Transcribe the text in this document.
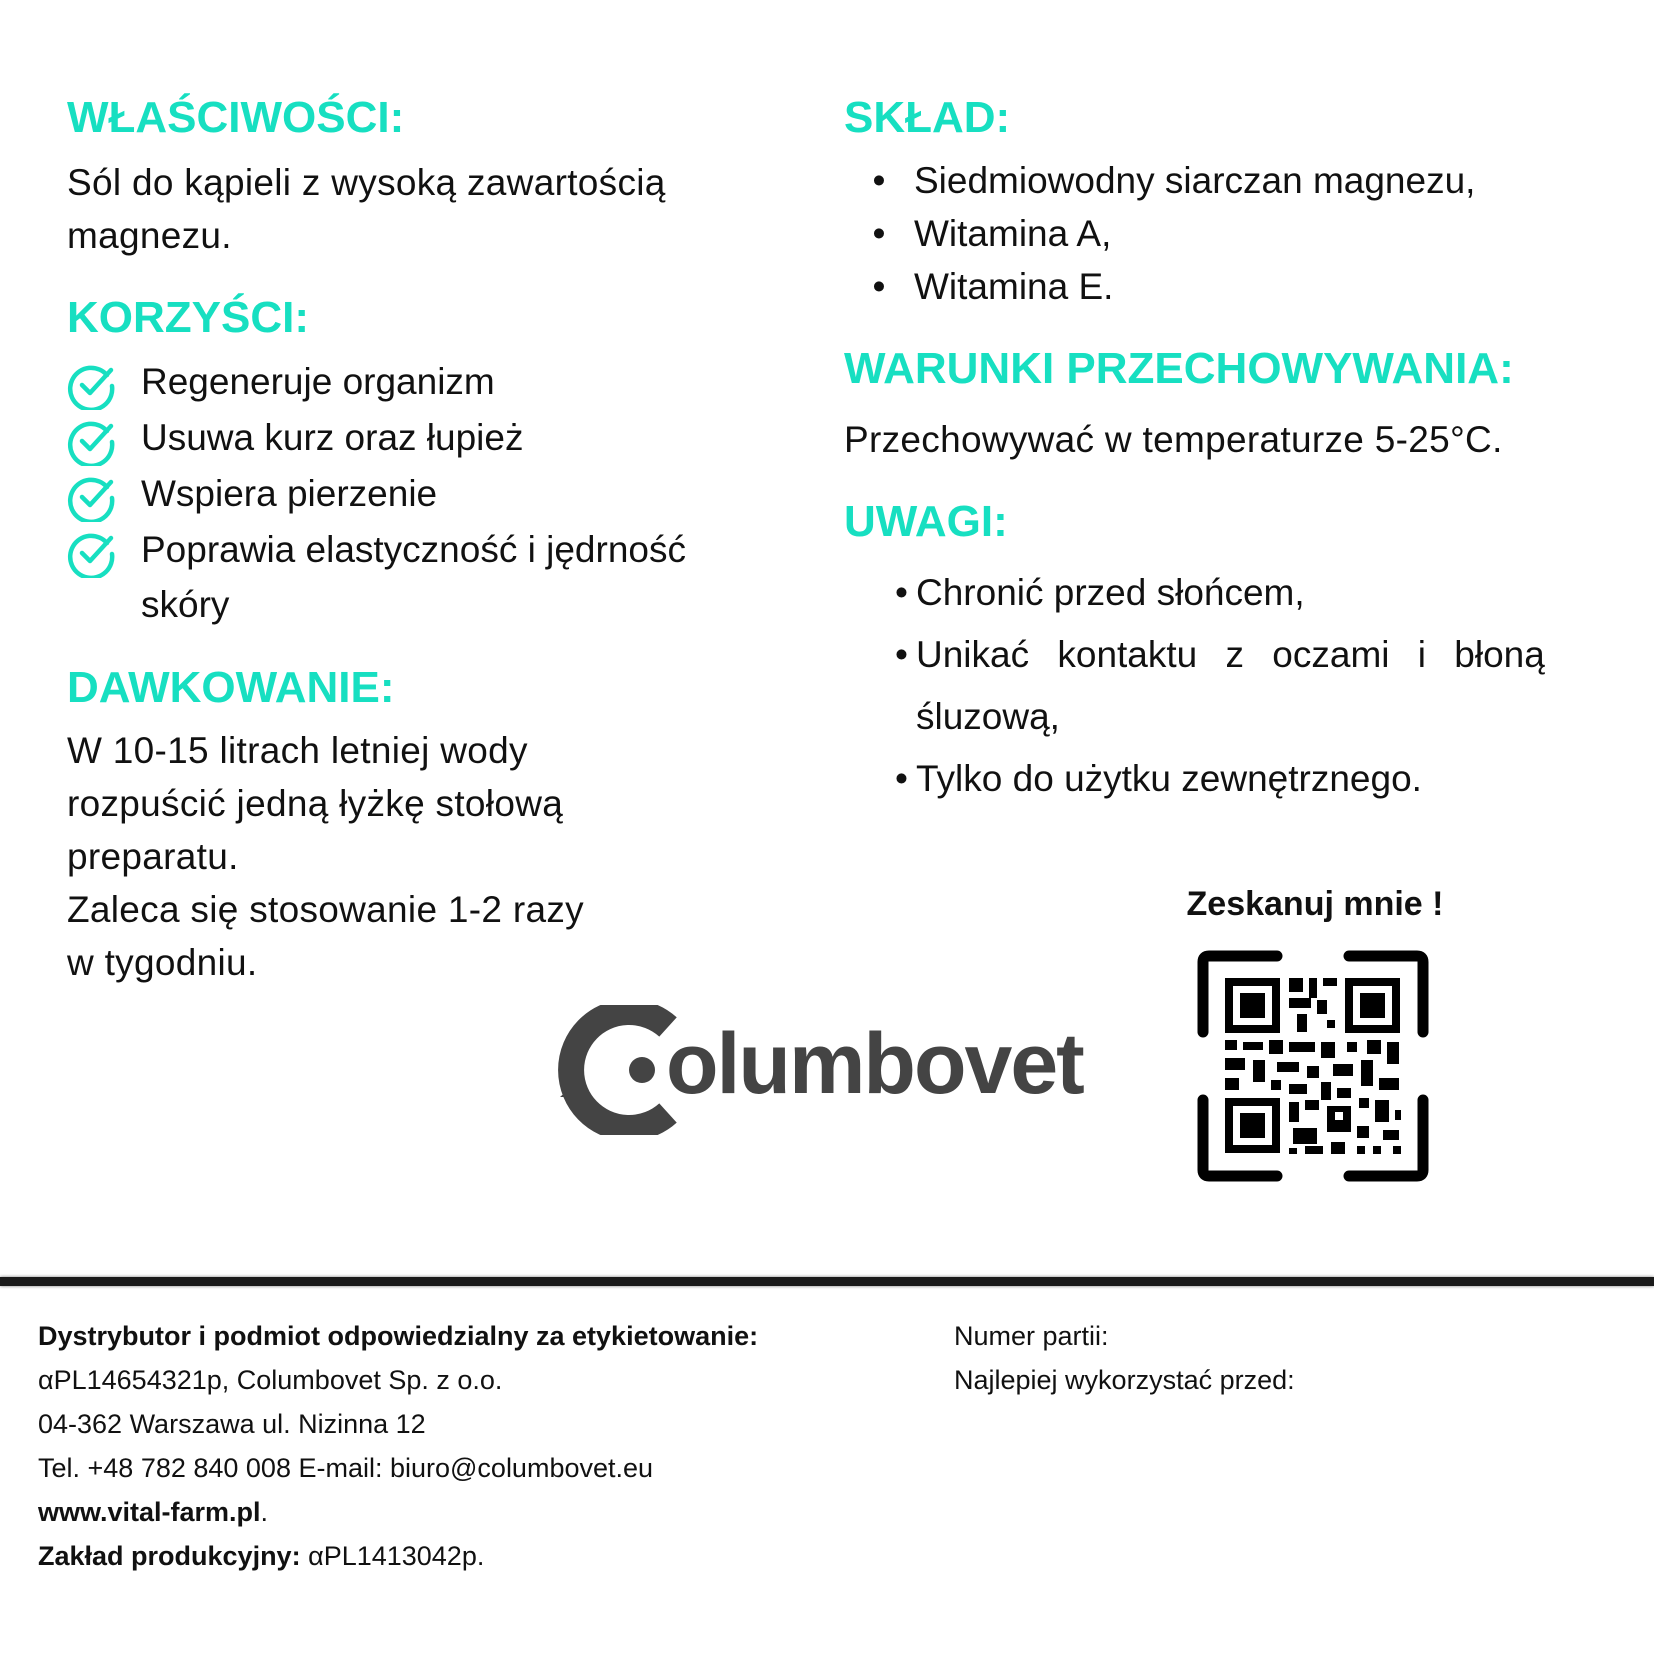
WŁAŚCIWOŚCI:

Sól do kąpieli z wysoką zawartością

magnezu.

KORZYŚCI:
Regeneruje organizm
Usuwa kurz oraz łupież
Wspiera pierzenie
Poprawia elastyczność i jędrność
skóry
DAWKOWANIE:

W 10-15 litrach letniej wody

rozpuścić jedną łyżkę stołową

preparatu.

Zaleca się stosowanie 1-2 razy

w tygodniu.

SKŁAD:
• Siedmiowodny siarczan magnezu,
• Witamina A,
• Witamina E.
WARUNKI PRZECHOWYWANIA:

Przechowywać w temperaturze 5-25°C.

UWAGI:
• Chronić przed słońcem,
• Unikać kontaktu z oczami i błoną
śluzową,
• Tylko do użytku zewnętrznego.
olumbovet
Zeskanuj mnie !
Dystrybutor i podmiot odpowiedzialny za etykietowanie:
αPL14654321p, Columbovet Sp. z o.o.
04-362 Warszawa ul. Nizinna 12
Tel. +48 782 840 008 E-mail: biuro@columbovet.eu
www.vital-farm.pl.
Zakład produkcyjny: αPL1413042p.
Numer partii:
Najlepiej wykorzystać przed:
